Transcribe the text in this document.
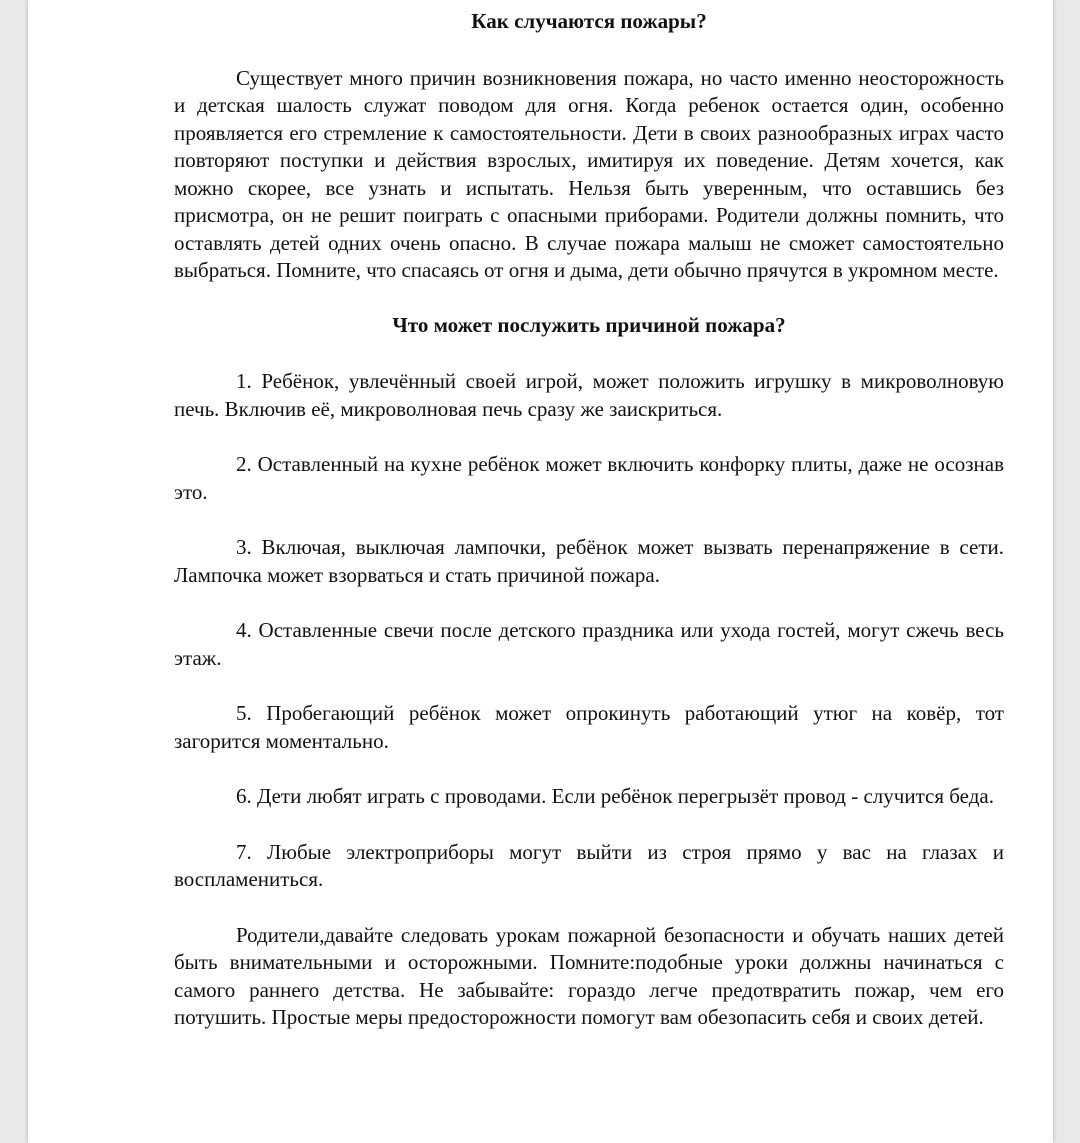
Как случаются пожары?

Существует много причин возникновения пожара, но часто именно неосторожность и детская шалость служат поводом для огня. Когда ребенок остается один, особенно проявляется его стремление к самостоятельности. Дети в своих разнообразных играх часто повторяют поступки и действия взрослых, имитируя их поведение. Детям хочется, как можно скорее, все узнать и испытать. Нельзя быть уверенным, что оставшись без присмотра, он не решит поиграть с опасными приборами. Родители должны помнить, что оставлять детей одних очень опасно. В случае пожара малыш не сможет самостоятельно выбраться. Помните, что спасаясь от огня и дыма, дети обычно прячутся в укромном месте.

Что может послужить причиной пожара?

1. Ребёнок, увлечённый своей игрой, может положить игрушку в микроволновую печь. Включив её, микроволновая печь сразу же заискриться.

2. Оставленный на кухне ребёнок может включить конфорку плиты, даже не осознав это.

3. Включая, выключая лампочки, ребёнок может вызвать перенапряжение в сети. Лампочка может взорваться и стать причиной пожара.

4. Оставленные свечи после детского праздника или ухода гостей, могут сжечь весь этаж.

5. Пробегающий ребёнок может опрокинуть работающий утюг на ковёр, тот загорится моментально.

6. Дети любят играть с проводами. Если ребёнок перегрызёт провод - случится беда.

7. Любые электроприборы могут выйти из строя прямо у вас на глазах и воспламениться.

Родители,давайте следовать урокам пожарной безопасности и обучать наших детей быть внимательными и осторожными. Помните:подобные уроки должны начинаться с самого раннего детства. Не забывайте: гораздо легче предотвратить пожар, чем его потушить. Простые меры предосторожности помогут вам обезопасить себя и своих детей.
